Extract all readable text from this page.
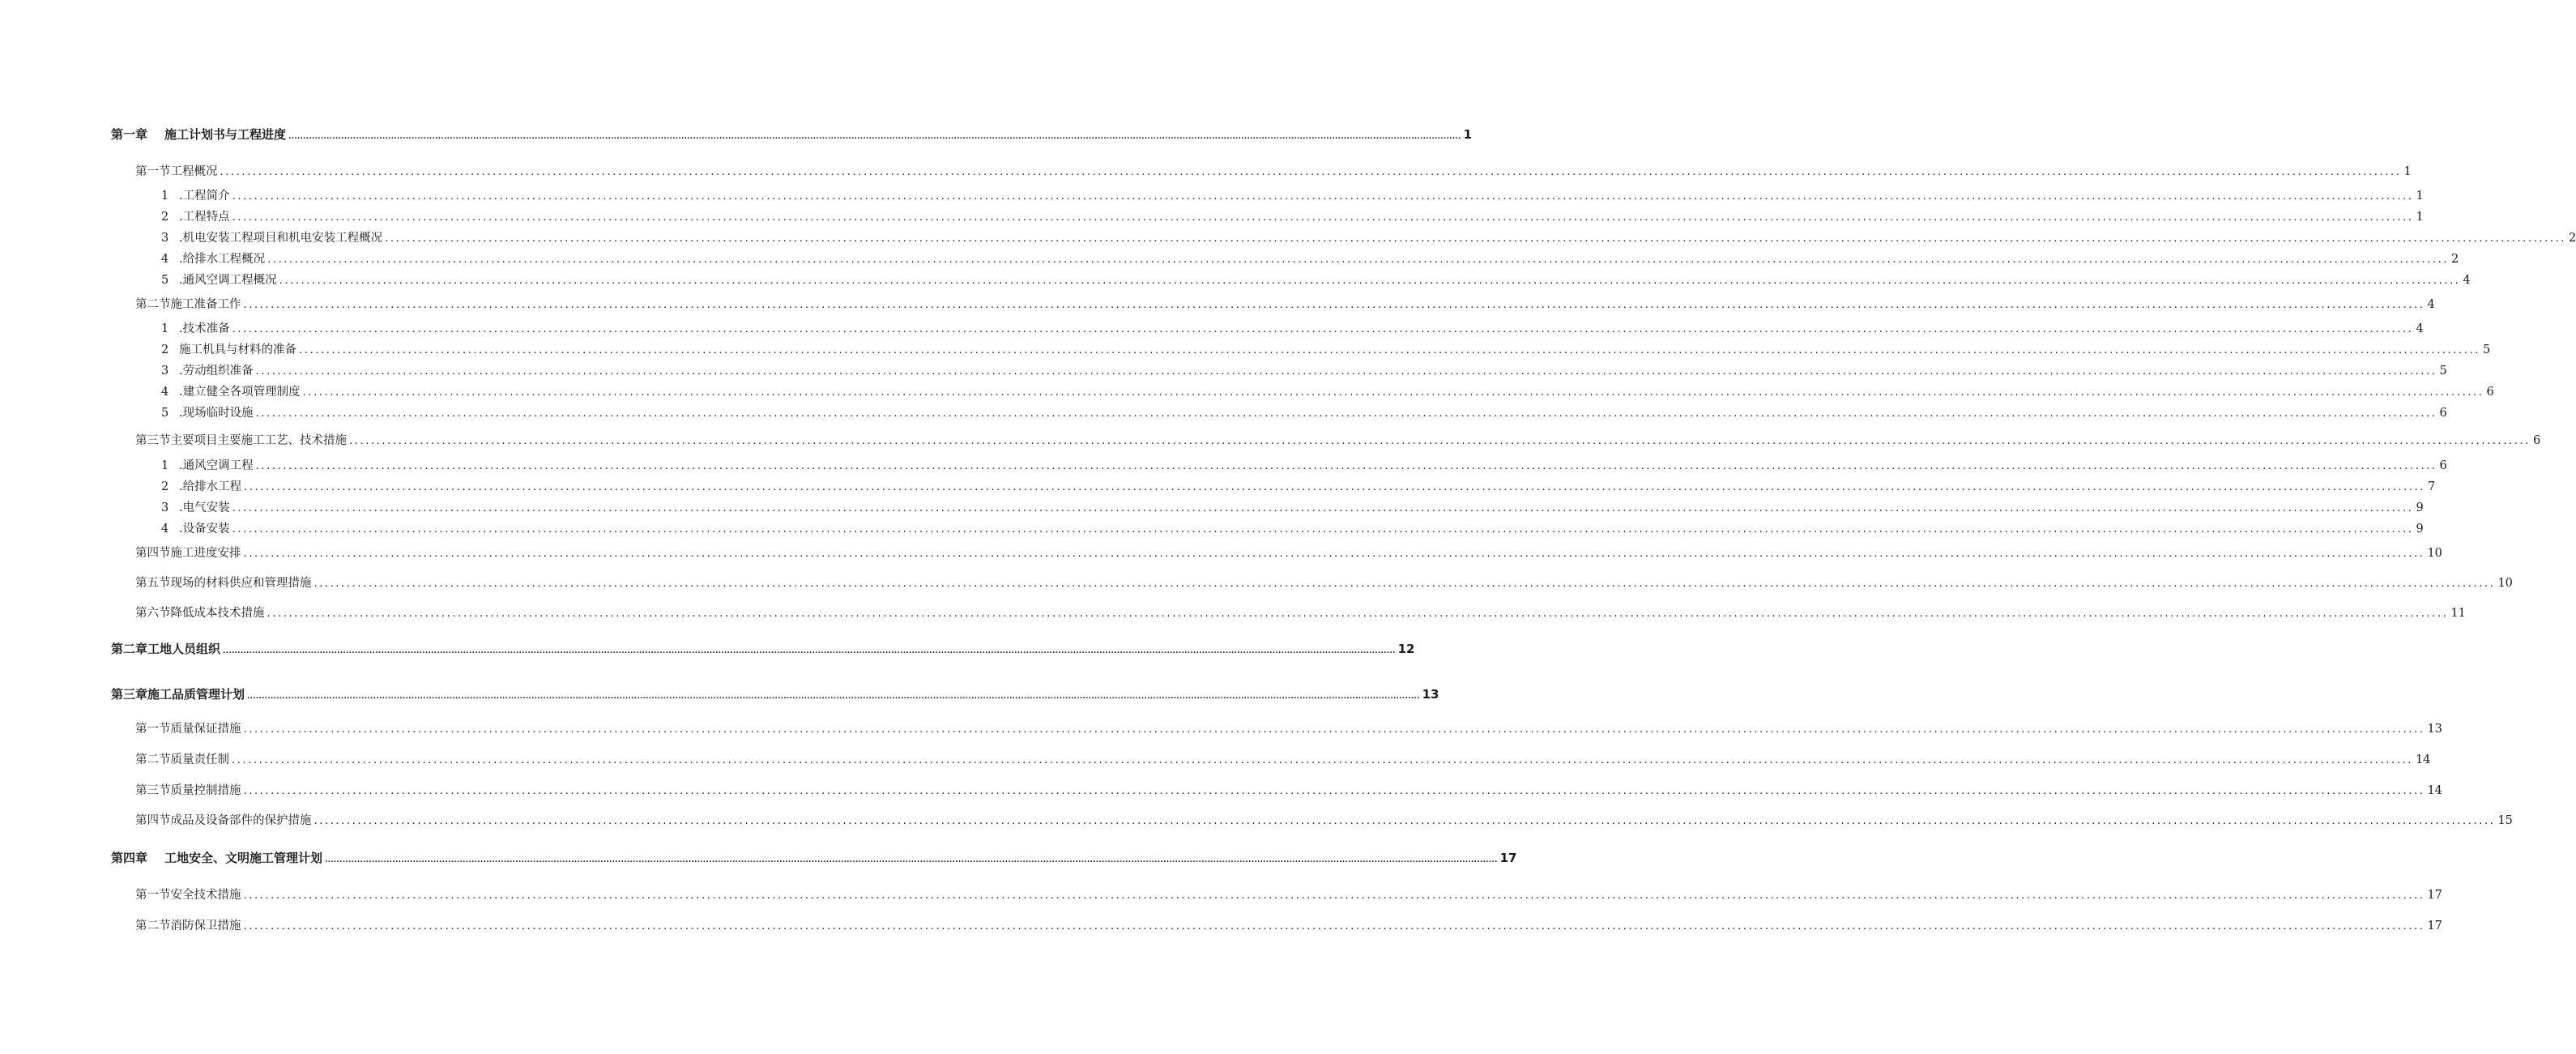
第一章 施工计划书与工程进度 ................................................................................................................................................................................................................................................................................................................................................................................................................ 1
第一节工程概况 ................................................................................................................................................................................................................................................................................................................................................................................................................ 1
1 .工程简介 ................................................................................................................................................................................................................................................................................................................................................................................................................ 1
2 .工程特点 ................................................................................................................................................................................................................................................................................................................................................................................................................ 1
3 .机电安装工程项目和机电安装工程概况 ................................................................................................................................................................................................................................................................................................................................................................................................................ 2
4 .给排水工程概况 ................................................................................................................................................................................................................................................................................................................................................................................................................ 2
5 .通风空调工程概况 ................................................................................................................................................................................................................................................................................................................................................................................................................ 4
第二节施工准备工作 ................................................................................................................................................................................................................................................................................................................................................................................................................ 4
1 .技术准备 ................................................................................................................................................................................................................................................................................................................................................................................................................ 4
2 施工机具与材料的准备 ................................................................................................................................................................................................................................................................................................................................................................................................................ 5
3 .劳动组织准备 ................................................................................................................................................................................................................................................................................................................................................................................................................ 5
4 .建立健全各项管理制度 ................................................................................................................................................................................................................................................................................................................................................................................................................ 6
5 .现场临时设施 ................................................................................................................................................................................................................................................................................................................................................................................................................ 6
第三节主要项目主要施工工艺、技术措施 ................................................................................................................................................................................................................................................................................................................................................................................................................ 6
1 .通风空调工程 ................................................................................................................................................................................................................................................................................................................................................................................................................ 6
2 .给排水工程 ................................................................................................................................................................................................................................................................................................................................................................................................................ 7
3 .电气安装 ................................................................................................................................................................................................................................................................................................................................................................................................................ 9
4 .设备安装 ................................................................................................................................................................................................................................................................................................................................................................................................................ 9
第四节施工进度安排 ................................................................................................................................................................................................................................................................................................................................................................................................................ 10
第五节现场的材料供应和管理措施 ................................................................................................................................................................................................................................................................................................................................................................................................................ 10
第六节降低成本技术措施 ................................................................................................................................................................................................................................................................................................................................................................................................................ 11
第二章工地人员组织 ................................................................................................................................................................................................................................................................................................................................................................................................................ 12
第三章施工品质管理计划 ................................................................................................................................................................................................................................................................................................................................................................................................................ 13
第一节质量保证措施 ................................................................................................................................................................................................................................................................................................................................................................................................................ 13
第二节质量责任制 ................................................................................................................................................................................................................................................................................................................................................................................................................ 14
第三节质量控制措施 ................................................................................................................................................................................................................................................................................................................................................................................................................ 14
第四节成品及设备部件的保护措施 ................................................................................................................................................................................................................................................................................................................................................................................................................ 15
第四章 工地安全、文明施工管理计划 ................................................................................................................................................................................................................................................................................................................................................................................................................ 17
第一节安全技术措施 ................................................................................................................................................................................................................................................................................................................................................................................................................ 17
第二节消防保卫措施 ................................................................................................................................................................................................................................................................................................................................................................................................................ 17
